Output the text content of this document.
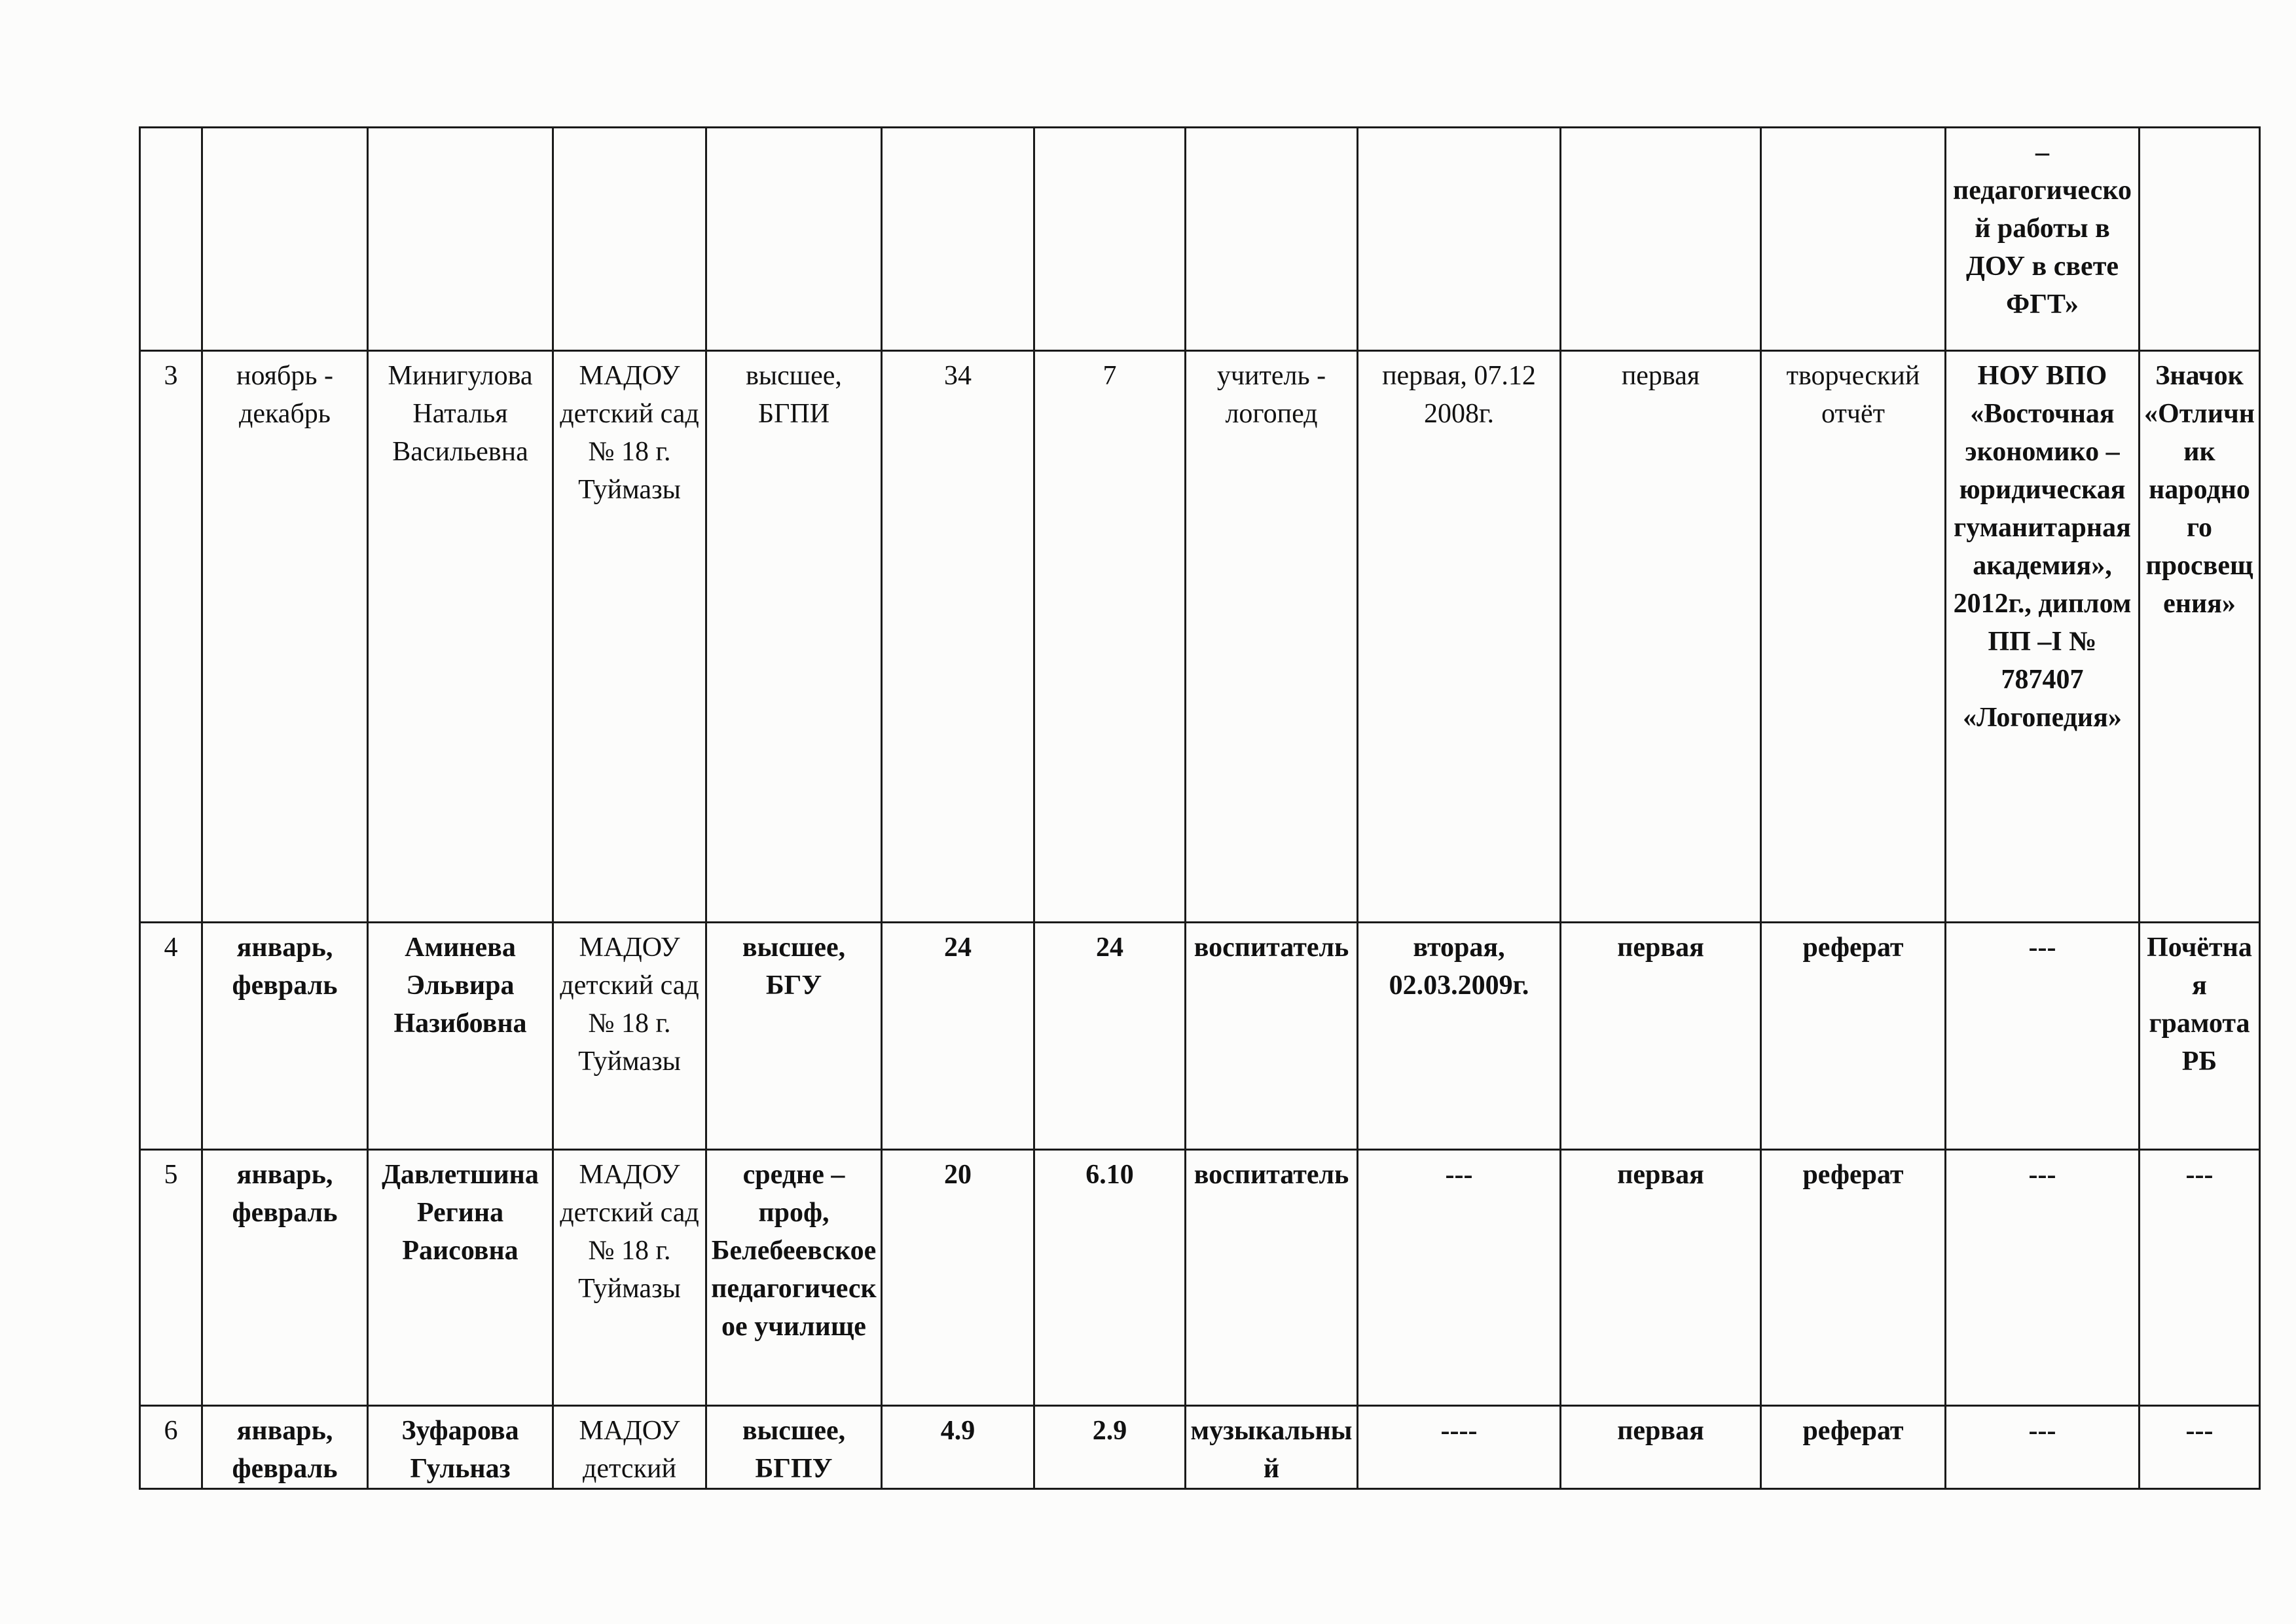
											– педагогической работы в ДОУ в свете ФГТ»	
3	ноябрь - декабрь	Минигулова Наталья Васильевна	МАДОУ детский сад № 18 г. Туймазы	высшее, БГПИ	34	7	учитель - логопед	первая, 07.12 2008г.	первая	творческий отчёт	НОУ ВПО «Восточная экономико – юридическая гуманитарная академия», 2012г., диплом ПП –I № 787407 «Логопедия»	Значок «Отличник народного просвещения»
4	январь, февраль	Аминева Эльвира Назибовна	МАДОУ детский сад № 18 г. Туймазы	высшее, БГУ	24	24	воспитатель	вторая, 02.03.2009г.	первая	реферат	---	Почётная грамота РБ
5	январь, февраль	Давлетшина Регина Раисовна	МАДОУ детский сад № 18 г. Туймазы	средне – проф, Белебеевское педагогическое училище	20	6.10	воспитатель	---	первая	реферат	---	---
6	январь, февраль	Зуфарова Гульназ	МАДОУ детский	высшее, БГПУ	4.9	2.9	музыкальный	----	первая	реферат	---	---
